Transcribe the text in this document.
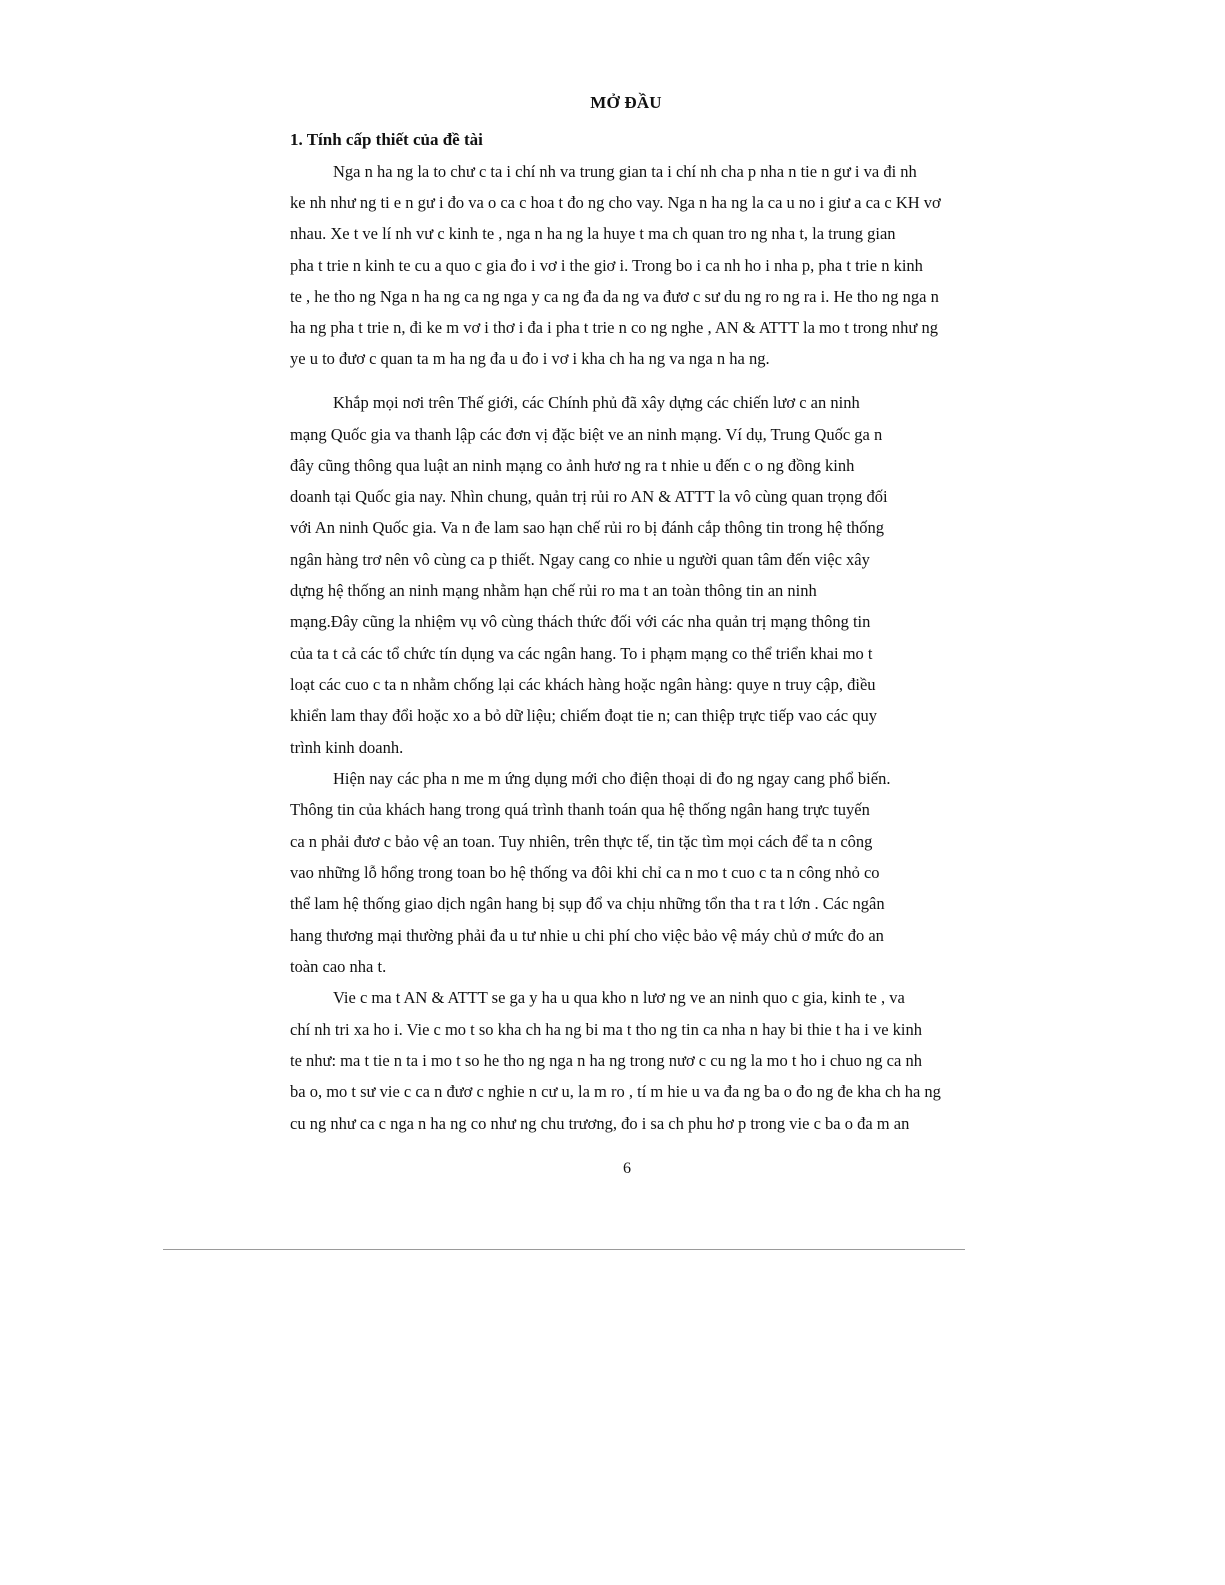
MỞ ĐẦU
1. Tính cấp thiết của đề tài
Nga n ha ng la to chư c ta i chí nh va trung gian ta i chí nh cha p nha n tie n gư i va đi nh
ke nh như ng ti e n gư i đo va o ca c hoa t đo ng cho vay. Nga n ha ng la ca u no i giư a ca c KH vơ
nhau. Xe t ve lí nh vư c kinh te , nga n ha ng la huye t ma ch quan tro ng nha t, la trung gian
pha t trie n kinh te cu a quo c gia đo i vơ i the giơ i. Trong bo i ca nh ho i nha p, pha t trie n kinh
te , he tho ng Nga n ha ng ca ng nga y ca ng đa da ng va đươ c sư du ng ro ng ra i. He tho ng nga n
ha ng pha t trie n, đi ke m vơ i thơ i đa i pha t trie n co ng nghe , AN & ATTT la mo t trong như ng
ye u to đươ c quan ta m ha ng đa u đo i vơ i kha ch ha ng va nga n ha ng.
Khắp mọi nơi trên Thế giới, các Chính phủ đã xây dựng các chiến lươ c an ninh
mạng Quốc gia va thanh lập các đơn vị đặc biệt ve an ninh mạng. Ví dụ, Trung Quốc ga n
đây cũng thông qua luật an ninh mạng co ảnh hươ ng ra t nhie u đến c o ng đồng kinh
doanh tại Quốc gia nay. Nhìn chung, quản trị rủi ro AN & ATTT la vô cùng quan trọng đối
với An ninh Quốc gia. Va n đe lam sao hạn chế rủi ro bị đánh cắp thông tin trong hệ thống
ngân hàng trơ nên vô cùng ca p thiết. Ngay cang co nhie u người quan tâm đến việc xây
dựng hệ thống an ninh mạng nhằm hạn chế rủi ro ma t an toàn thông tin an ninh
mạng.Đây cũng la nhiệm vụ vô cùng thách thức đối với các nha quản trị mạng thông tin
của ta t cả các tổ chức tín dụng va các ngân hang. To i phạm mạng co thể triển khai mo t
loạt các cuo c ta n nhằm chống lại các khách hàng hoặc ngân hàng: quye n truy cập, điều
khiển lam thay đổi hoặc xo a bỏ dữ liệu; chiếm đoạt tie n; can thiệp trực tiếp vao các quy
trình kinh doanh.
Hiện nay các pha n me m ứng dụng mới cho điện thoại di đo ng ngay cang phổ biến.
Thông tin của khách hang trong quá trình thanh toán qua hệ thống ngân hang trực tuyến
ca n phải đươ c bảo vệ an toan. Tuy nhiên, trên thực tế, tin tặc tìm mọi cách để ta n công
vao những lỗ hổng trong toan bo hệ thống va đôi khi chỉ ca n mo t cuo c ta n công nhỏ co
thể lam hệ thống giao dịch ngân hang bị sụp đổ va chịu những tổn tha t ra t lớn . Các ngân
hang thương mại thường phải đa u tư nhie u chi phí cho việc bảo vệ máy chủ ơ mức đo an
toàn cao nha t.
Vie c ma t AN & ATTT se ga y ha u qua kho n lươ ng ve an ninh quo c gia, kinh te , va
chí nh tri xa ho i. Vie c mo t so kha ch ha ng bi ma t tho ng tin ca nha n hay bi thie t ha i ve kinh
te như: ma t tie n ta i mo t so he tho ng nga n ha ng trong nươ c cu ng la mo t ho i chuo ng ca nh
ba o, mo t sư vie c ca n đươ c nghie n cư u, la m ro , tí m hie u va đa ng ba o đo ng đe kha ch ha ng
cu ng như ca c nga n ha ng co như ng chu trương, đo i sa ch phu hơ p trong vie c ba o đa m an
6
